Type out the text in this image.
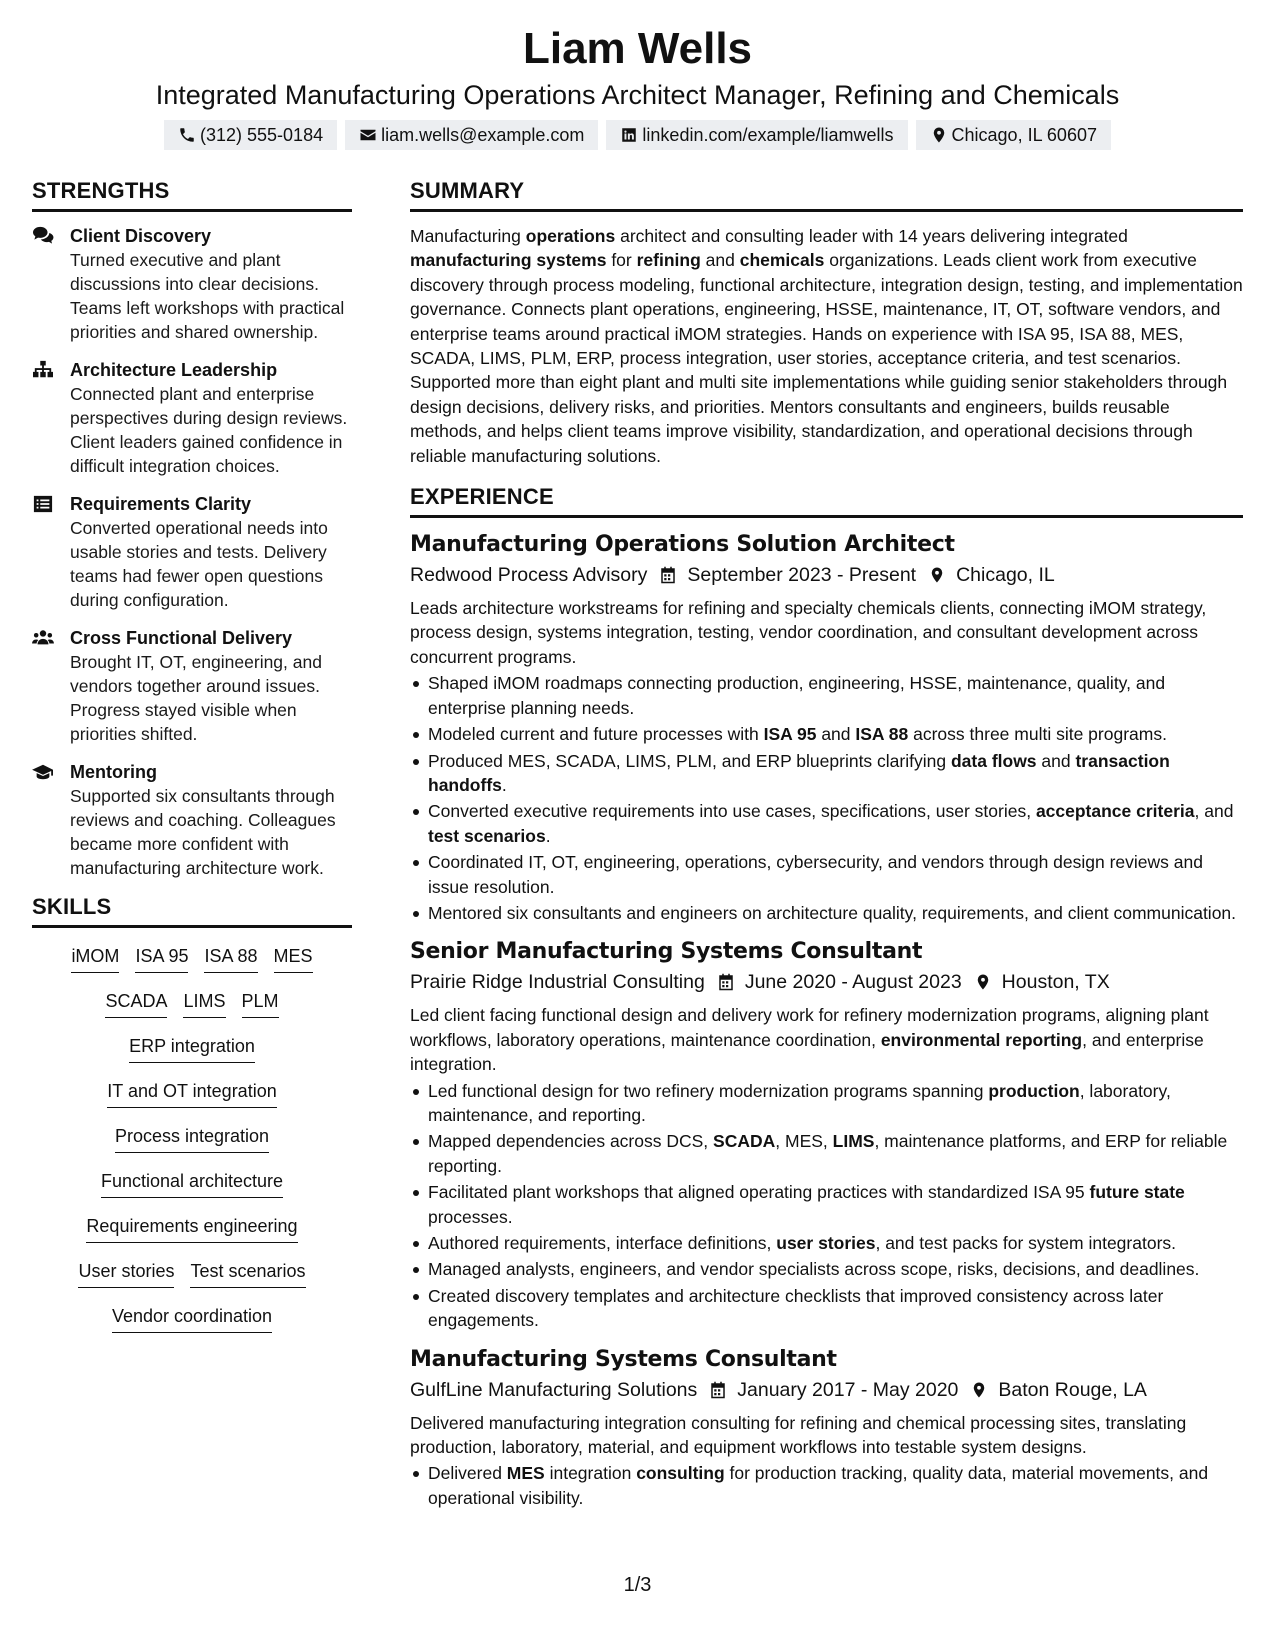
Liam Wells
Integrated Manufacturing Operations Architect Manager, Refining and Chemicals
(312) 555-0184	liam.wells@example.com	linkedin.com/example/liamwells	Chicago, IL 60607
STRENGTHS
Client Discovery
Turned executive and plant discussions into clear decisions. Teams left workshops with practical priorities and shared ownership.
Architecture Leadership
Connected plant and enterprise perspectives during design reviews. Client leaders gained confidence in difficult integration choices.
Requirements Clarity
Converted operational needs into usable stories and tests. Delivery teams had fewer open questions during configuration.
Cross Functional Delivery
Brought IT, OT, engineering, and vendors together around issues. Progress stayed visible when priorities shifted.
Mentoring
Supported six consultants through reviews and coaching. Colleagues became more confident with manufacturing architecture work.
SKILLS
iMOM ISA 95 ISA 88 MES
SCADA LIMS PLM
ERP integration
IT and OT integration
Process integration
Functional architecture
Requirements engineering
User stories Test scenarios
Vendor coordination
SUMMARY
Manufacturing operations architect and consulting leader with 14 years delivering integrated manufacturing systems for refining and chemicals organizations. Leads client work from executive discovery through process modeling, functional architecture, integration design, testing, and implementation governance. Connects plant operations, engineering, HSSE, maintenance, IT, OT, software vendors, and enterprise teams around practical iMOM strategies. Hands on experience with ISA 95, ISA 88, MES, SCADA, LIMS, PLM, ERP, process integration, user stories, acceptance criteria, and test scenarios. Supported more than eight plant and multi site implementations while guiding senior stakeholders through design decisions, delivery risks, and priorities. Mentors consultants and engineers, builds reusable methods, and helps client teams improve visibility, standardization, and operational decisions through reliable manufacturing solutions.
EXPERIENCE
Manufacturing Operations Solution Architect
Redwood Process Advisory September 2023 - Present Chicago, IL
Leads architecture workstreams for refining and specialty chemicals clients, connecting iMOM strategy, process design, systems integration, testing, vendor coordination, and consultant development across concurrent programs.
Shaped iMOM roadmaps connecting production, engineering, HSSE, maintenance, quality, and enterprise planning needs.
Modeled current and future processes with ISA 95 and ISA 88 across three multi site programs.
Produced MES, SCADA, LIMS, PLM, and ERP blueprints clarifying data flows and transaction handoffs.
Converted executive requirements into use cases, specifications, user stories, acceptance criteria, and test scenarios.
Coordinated IT, OT, engineering, operations, cybersecurity, and vendors through design reviews and issue resolution.
Mentored six consultants and engineers on architecture quality, requirements, and client communication.
Senior Manufacturing Systems Consultant
Prairie Ridge Industrial Consulting June 2020 - August 2023 Houston, TX
Led client facing functional design and delivery work for refinery modernization programs, aligning plant workflows, laboratory operations, maintenance coordination, environmental reporting, and enterprise integration.
Led functional design for two refinery modernization programs spanning production, laboratory, maintenance, and reporting.
Mapped dependencies across DCS, SCADA, MES, LIMS, maintenance platforms, and ERP for reliable reporting.
Facilitated plant workshops that aligned operating practices with standardized ISA 95 future state processes.
Authored requirements, interface definitions, user stories, and test packs for system integrators.
Managed analysts, engineers, and vendor specialists across scope, risks, decisions, and deadlines.
Created discovery templates and architecture checklists that improved consistency across later engagements.
Manufacturing Systems Consultant
GulfLine Manufacturing Solutions January 2017 - May 2020 Baton Rouge, LA
Delivered manufacturing integration consulting for refining and chemical processing sites, translating production, laboratory, material, and equipment workflows into testable system designs.
Delivered MES integration consulting for production tracking, quality data, material movements, and operational visibility.
1/3
